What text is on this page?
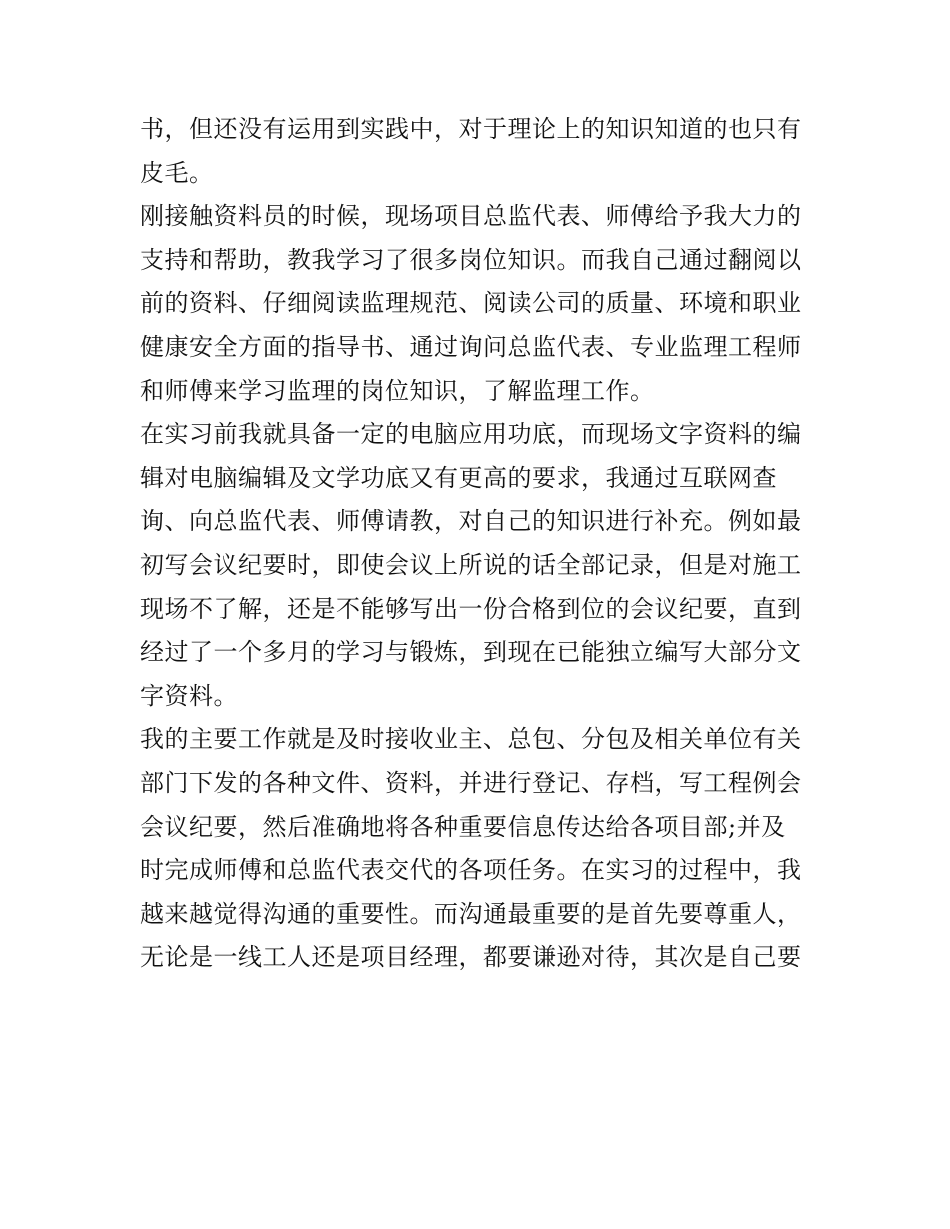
书，但还没有运用到实践中，对于理论上的知识知道的也只有
皮毛。
刚接触资料员的时候，现场项目总监代表、师傅给予我大力的
支持和帮助，教我学习了很多岗位知识。而我自己通过翻阅以
前的资料、仔细阅读监理规范、阅读公司的质量、环境和职业
健康安全方面的指导书、通过询问总监代表、专业监理工程师
和师傅来学习监理的岗位知识，了解监理工作。
在实习前我就具备一定的电脑应用功底，而现场文字资料的编
辑对电脑编辑及文学功底又有更高的要求，我通过互联网查
询、向总监代表、师傅请教，对自己的知识进行补充。例如最
初写会议纪要时，即使会议上所说的话全部记录，但是对施工
现场不了解，还是不能够写出一份合格到位的会议纪要，直到
经过了一个多月的学习与锻炼，到现在已能独立编写大部分文
字资料。
我的主要工作就是及时接收业主、总包、分包及相关单位有关
部门下发的各种文件、资料，并进行登记、存档，写工程例会
会议纪要，然后准确地将各种重要信息传达给各项目部;并及
时完成师傅和总监代表交代的各项任务。在实习的过程中，我
越来越觉得沟通的重要性。而沟通最重要的是首先要尊重人，
无论是一线工人还是项目经理，都要谦逊对待，其次是自己要
